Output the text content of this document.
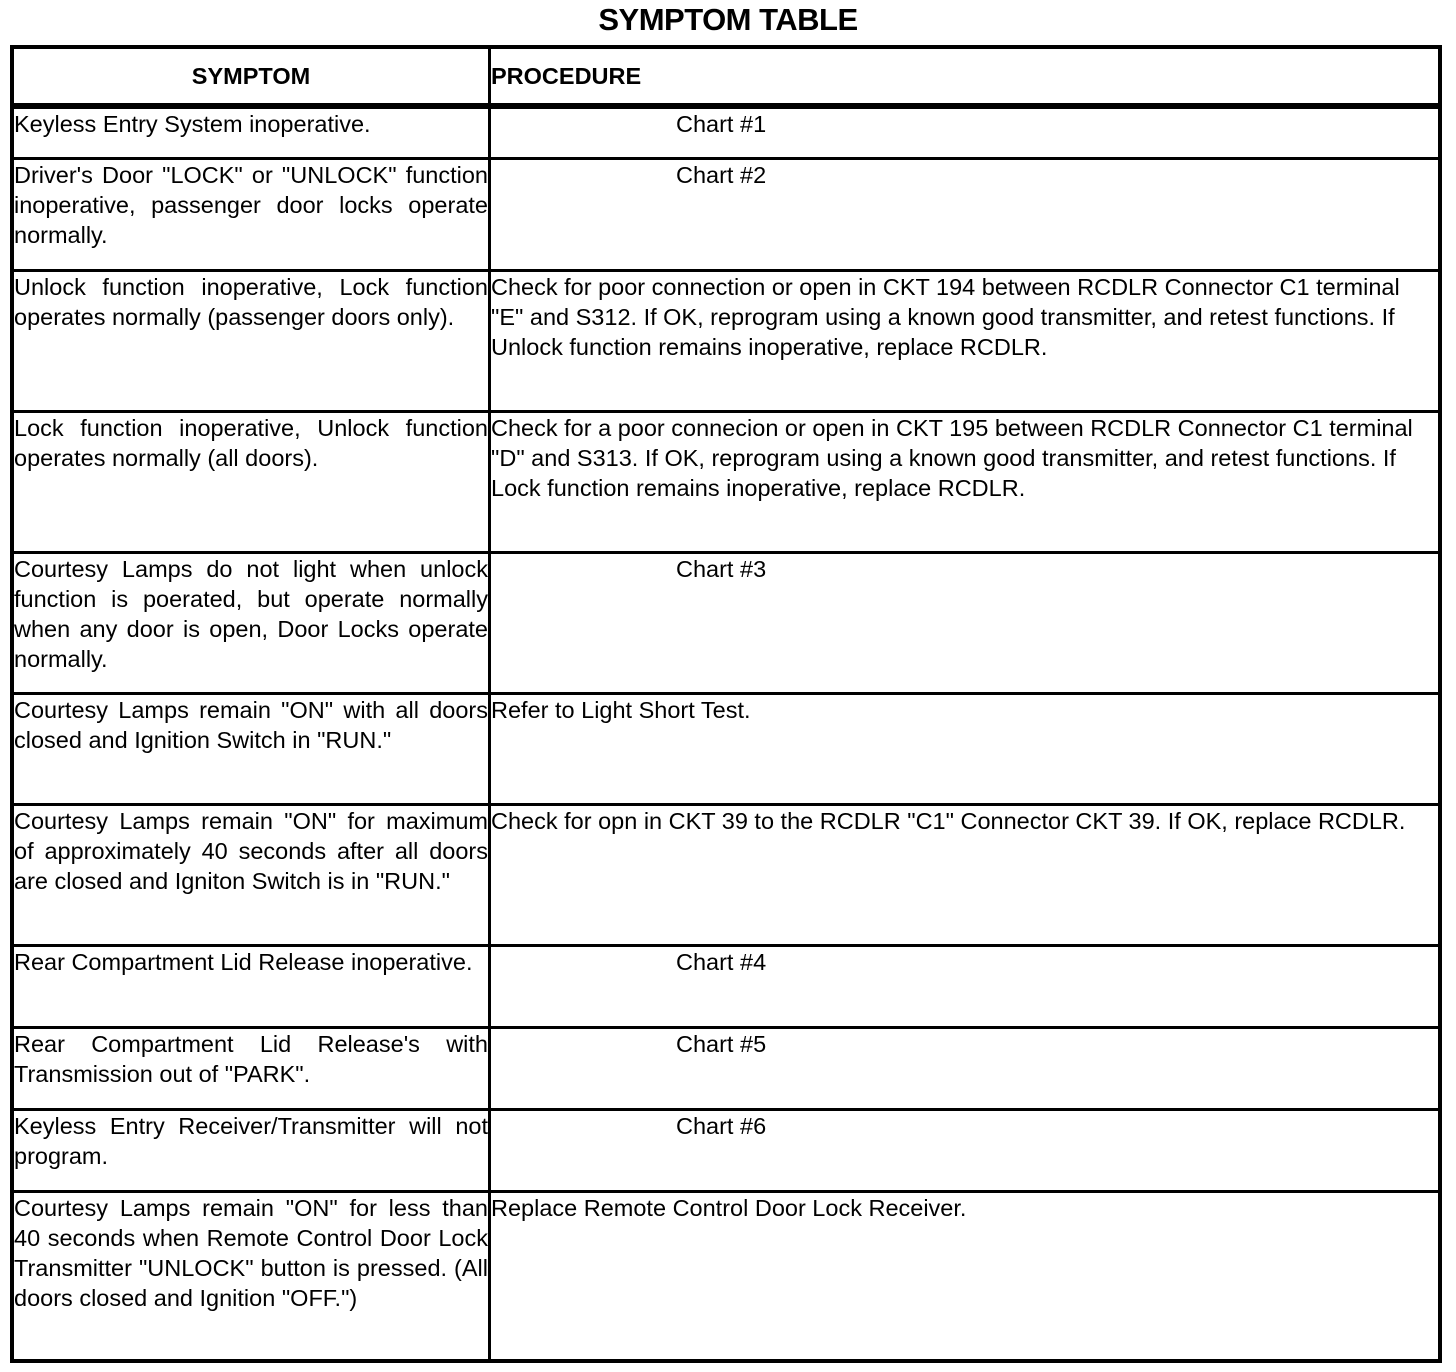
SYMPTOM TABLE
SYMPTOM	PROCEDURE
Keyless Entry System inoperative.	Chart #1
Driver's Door "LOCK" or "UNLOCK" function inoperative, passenger door locks operate normally.	Chart #2
Unlock function inoperative, Lock function operates normally (passenger doors only).	Check for poor connection or open in CKT 194 between RCDLR Connector C1 terminal "E" and S312. If OK, reprogram using a known good transmitter, and retest functions. If Unlock function remains inoperative, replace RCDLR.
Lock function inoperative, Unlock function operates normally (all doors).	Check for a poor connecion or open in CKT 195 between RCDLR Connector C1 terminal "D" and S313. If OK, reprogram using a known good transmitter, and retest functions. If Lock function remains inoperative, replace RCDLR.
Courtesy Lamps do not light when unlock function is poerated, but operate normally when any door is open, Door Locks operate normally.	Chart #3
Courtesy Lamps remain "ON" with all doors closed and Ignition Switch in "RUN."	Refer to Light Short Test.
Courtesy Lamps remain "ON" for maximum of approximately 40 seconds after all doors are closed and Igniton Switch is in "RUN."	Check for opn in CKT 39 to the RCDLR "C1" Connector CKT 39. If OK, replace RCDLR.
Rear Compartment Lid Release inoperative.	Chart #4
Rear Compartment Lid Release's with Transmission out of "PARK".	Chart #5
Keyless Entry Receiver/Transmitter will not program.	Chart #6
Courtesy Lamps remain "ON" for less than 40 seconds when Remote Control Door Lock Transmitter "UNLOCK" button is pressed. (All doors closed and Ignition "OFF.")	Replace Remote Control Door Lock Receiver.
